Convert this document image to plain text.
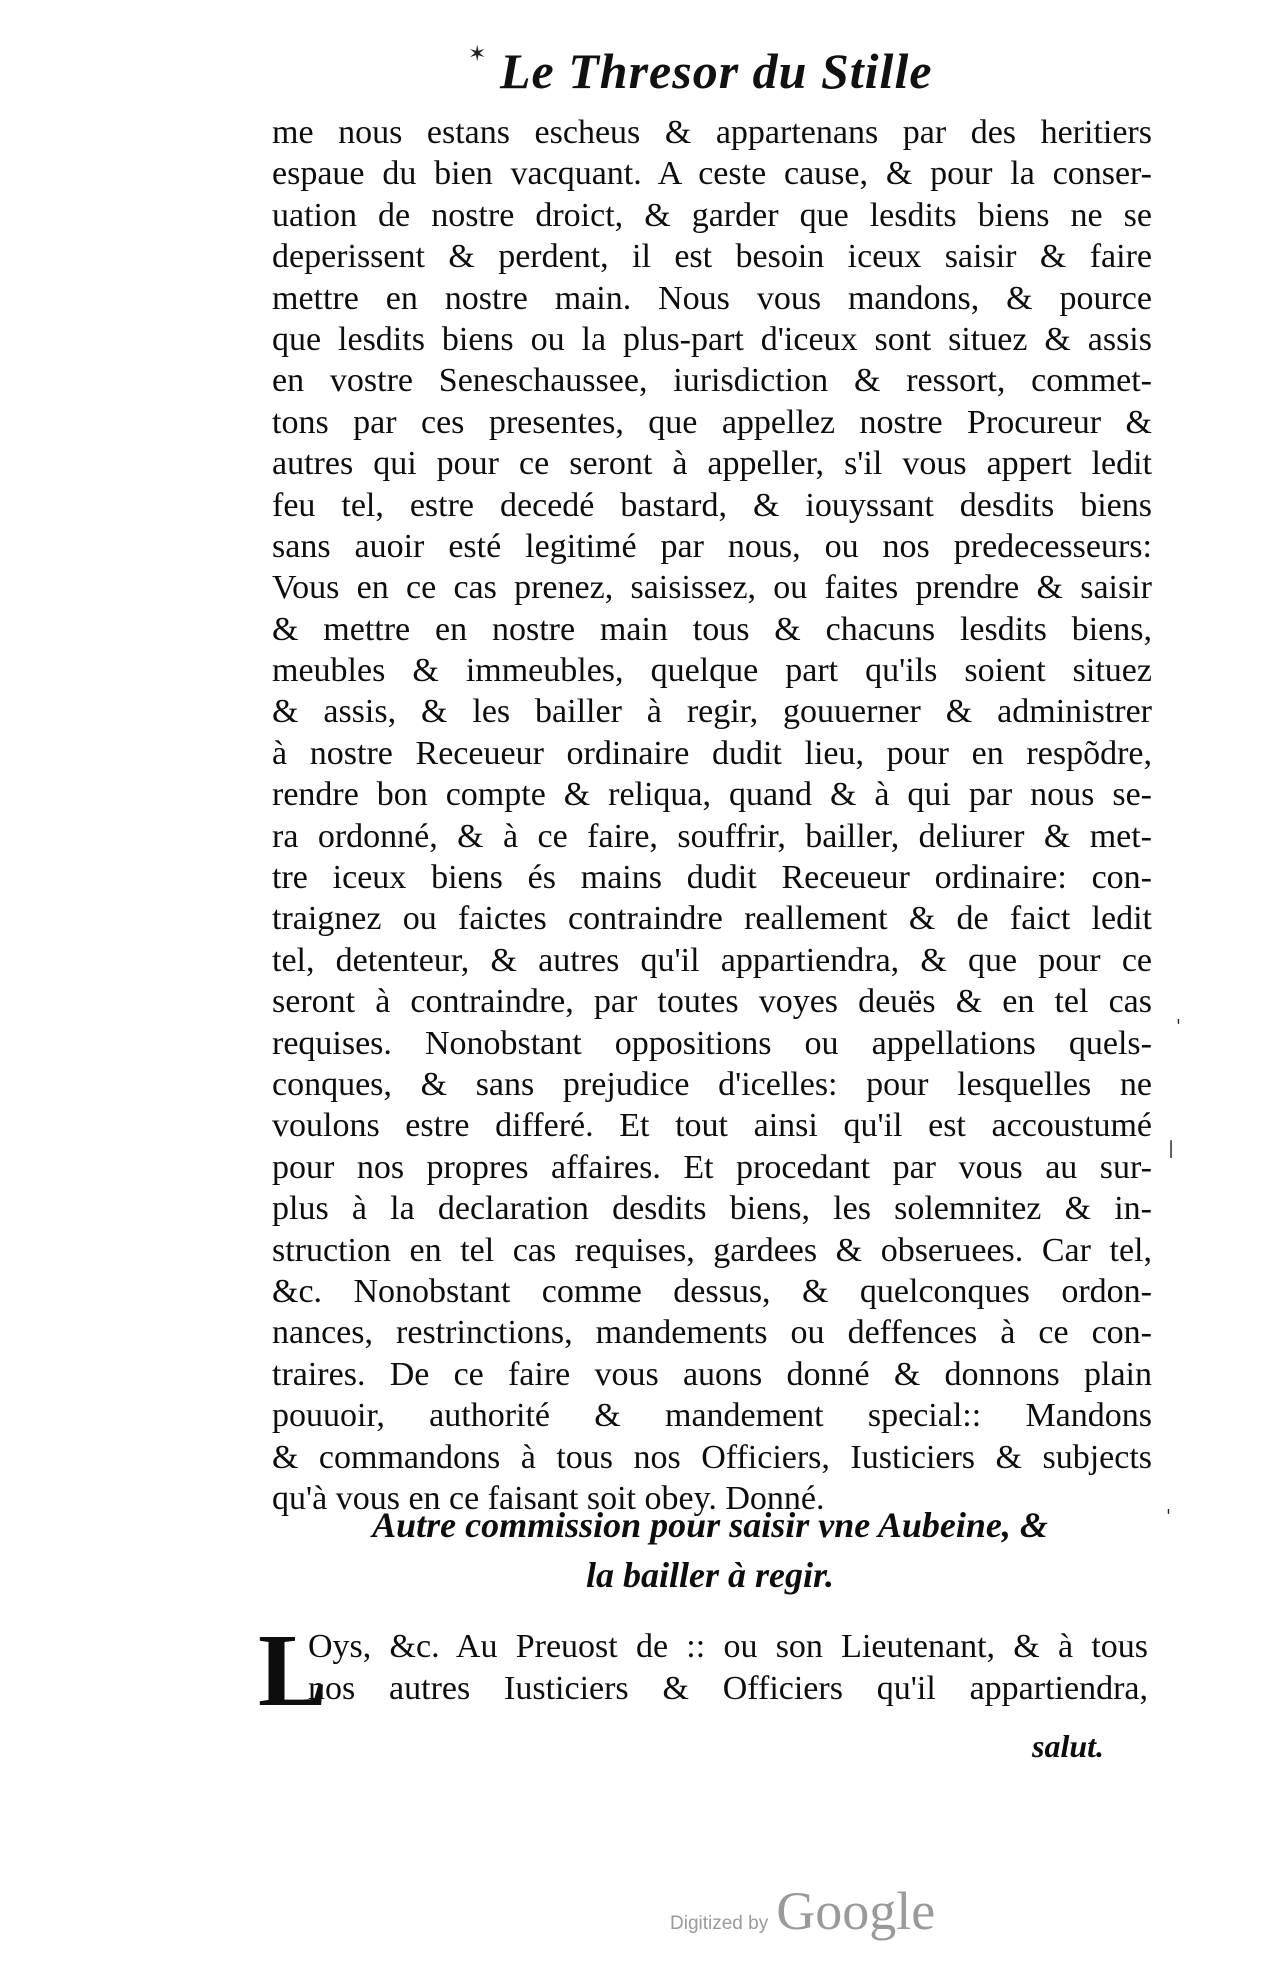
✶ Le Thresor du Stille
me nous estans escheus & appartenans par des heritiers
espaue du bien vacquant. A ceste cause, & pour la conser-
uation de nostre droict, & garder que lesdits biens ne se
deperissent & perdent, il est besoin iceux saisir & faire
mettre en nostre main. Nous vous mandons, & pource
que lesdits biens ou la plus-part d'iceux sont situez & assis
en vostre Seneschaussee, iurisdiction & ressort, commet-
tons par ces presentes, que appellez nostre Procureur &
autres qui pour ce seront à appeller, s'il vous appert ledit
feu tel, estre decedé bastard, & iouyssant desdits biens
sans auoir esté legitimé par nous, ou nos predecesseurs:
Vous en ce cas prenez, saisissez, ou faites prendre & saisir
& mettre en nostre main tous & chacuns lesdits biens,
meubles & immeubles, quelque part qu'ils soient situez
& assis, & les bailler à regir, gouuerner & administrer
à nostre Receueur ordinaire dudit lieu, pour en respõdre,
rendre bon compte & reliqua, quand & à qui par nous se-
ra ordonné, & à ce faire, souffrir, bailler, deliurer & met-
tre iceux biens és mains dudit Receueur ordinaire: con-
traignez ou faictes contraindre reallement & de faict ledit
tel, detenteur, & autres qu'il appartiendra, & que pour ce
seront à contraindre, par toutes voyes deuës & en tel cas
requises. Nonobstant oppositions ou appellations quels-
conques, & sans prejudice d'icelles: pour lesquelles ne
voulons estre differé. Et tout ainsi qu'il est accoustumé
pour nos propres affaires. Et procedant par vous au sur-
plus à la declaration desdits biens, les solemnitez & in-
struction en tel cas requises, gardees & obseruees. Car tel,
&c. Nonobstant comme dessus, & quelconques ordon-
nances, restrinctions, mandements ou deffences à ce con-
traires. De ce faire vous auons donné & donnons plain
pouuoir, authorité & mandement special:: Mandons
& commandons à tous nos Officiers, Iusticiers & subjects
qu'à vous en ce faisant soit obey. Donné.
Autre commission pour saisir vne Aubeine, &
la bailler à regir.
L
Oys, &c. Au Preuost de :: ou son Lieutenant, & à tous
nos autres Iusticiers & Officiers qu'il appartiendra,
salut.
'
|
'
Digitized by Google
